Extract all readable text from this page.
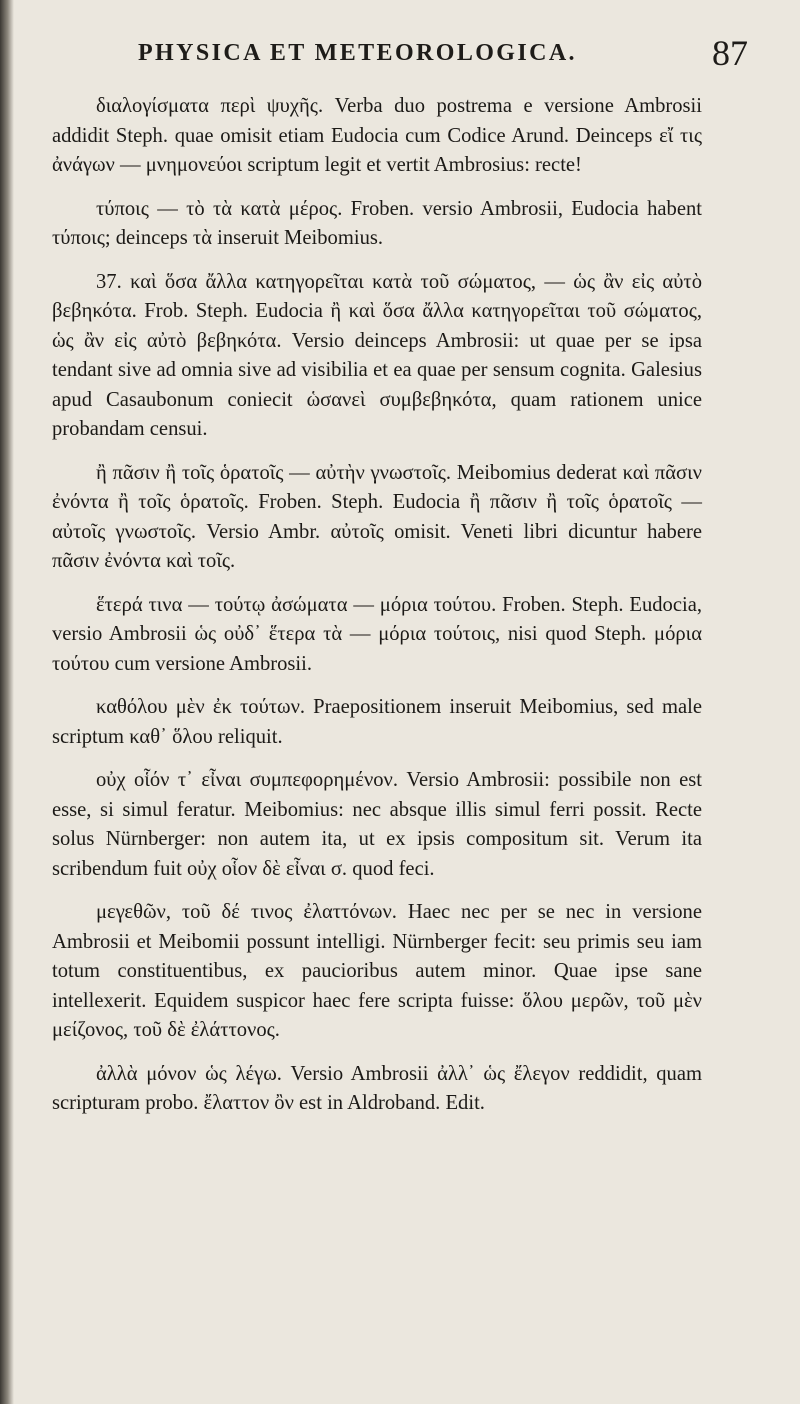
PHYSICA ET METEOROLOGICA.	87

διαλογίσματα περὶ ψυχῆς. Verba duo postrema e versione Ambrosii addidit Steph. quae omisit etiam Eudocia cum Codice Arund. Deinceps εἴ τις ἀνάγων — μνημονεύοι scriptum legit et vertit Ambrosius: recte!

τύποις — τὸ τὰ κατὰ μέρος. Froben. versio Ambrosii, Eudocia habent τύποις; deinceps τὰ inseruit Meibomius.

37. καὶ ὅσα ἄλλα κατηγορεῖται κατὰ τοῦ σώματος, — ὡς ἂν εἰς αὐτὸ βεβηκότα. Frob. Steph. Eudocia ἢ καὶ ὅσα ἄλλα κατηγορεῖται τοῦ σώματος, ὡς ἂν εἰς αὐτὸ βεβηκότα. Versio deinceps Ambrosii: ut quae per se ipsa tendant sive ad omnia sive ad visibilia et ea quae per sensum cognita. Galesius apud Casaubonum coniecit ὡσανεὶ συμβεβηκότα, quam rationem unice probandam censui.

ἢ πᾶσιν ἢ τοῖς ὁρατοῖς — αὐτὴν γνωστοῖς. Meibomius dederat καὶ πᾶσιν ἐνόντα ἢ τοῖς ὁρατοῖς. Froben. Steph. Eudocia ἢ πᾶσιν ἢ τοῖς ὁρατοῖς — αὐτοῖς γνωστοῖς. Versio Ambr. αὐτοῖς omisit. Veneti libri dicuntur habere πᾶσιν ἐνόντα καὶ τοῖς.

ἕτερά τινα — τούτῳ ἀσώματα — μόρια τούτου. Froben. Steph. Eudocia, versio Ambrosii ὡς οὐδ᾽ ἕτερα τὰ — μόρια τούτοις, nisi quod Steph. μόρια τούτου cum versione Ambrosii.

καθόλου μὲν ἐκ τούτων. Praepositionem inseruit Meibomius, sed male scriptum καθ᾽ ὅλου reliquit.

οὐχ οἷόν τ᾽ εἶναι συμπεφορημένον. Versio Ambrosii: possibile non est esse, si simul feratur. Meibomius: nec absque illis simul ferri possit. Recte solus Nürnberger: non autem ita, ut ex ipsis compositum sit. Verum ita scribendum fuit οὐχ οἷον δὲ εἶναι σ. quod feci.

μεγεθῶν, τοῦ δέ τινος ἐλαττόνων. Haec nec per se nec in versione Ambrosii et Meibomii possunt intelligi. Nürnberger fecit: seu primis seu iam totum constituentibus, ex paucioribus autem minor. Quae ipse sane intellexerit. Equidem suspicor haec fere scripta fuisse: ὅλου μερῶν, τοῦ μὲν μείζονος, τοῦ δὲ ἐλάττονος.

ἀλλὰ μόνον ὡς λέγω. Versio Ambrosii ἀλλ᾽ ὡς ἔλεγον reddidit, quam scripturam probo. ἔλαττον ὂν est in Aldroband. Edit.
